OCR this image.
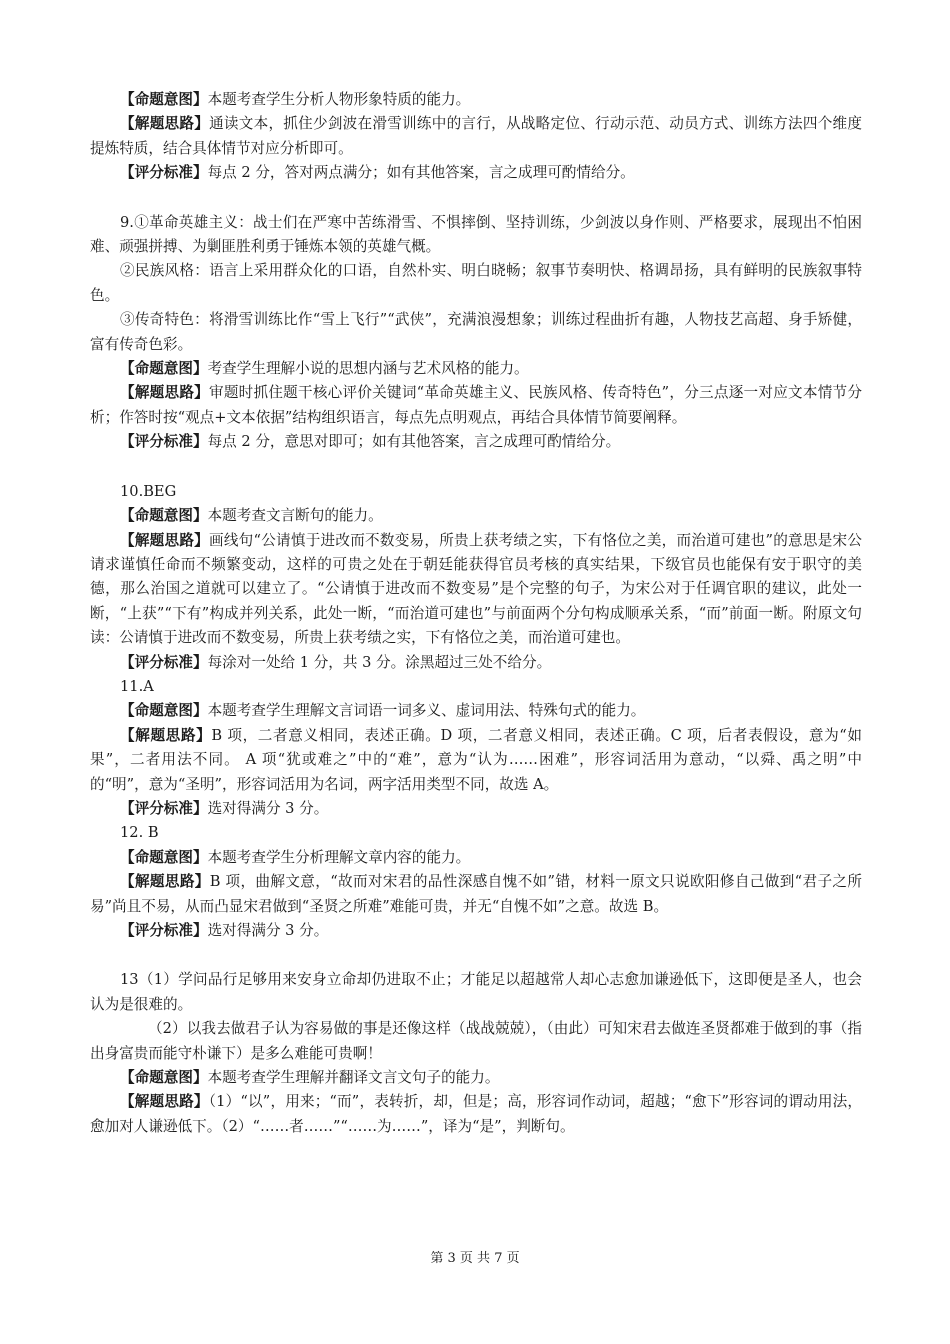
【命题意图】本题考查学生分析人物形象特质的能力。

【解题思路】通读文本，抓住少剑波在滑雪训练中的言行，从战略定位、行动示范、动员方式、训练方法四个维度提炼特质，结合具体情节对应分析即可。

【评分标准】每点 2 分，答对两点满分；如有其他答案，言之成理可酌情给分。

9.①革命英雄主义：战士们在严寒中苦练滑雪、不惧摔倒、坚持训练，少剑波以身作则、严格要求，展现出不怕困难、顽强拼搏、为剿匪胜利勇于锤炼本领的英雄气概。

②民族风格：语言上采用群众化的口语，自然朴实、明白晓畅；叙事节奏明快、格调昂扬，具有鲜明的民族叙事特色。

③传奇特色：将滑雪训练比作“雪上飞行”“武侠”，充满浪漫想象；训练过程曲折有趣，人物技艺高超、身手矫健，富有传奇色彩。

【命题意图】考查学生理解小说的思想内涵与艺术风格的能力。

【解题思路】审题时抓住题干核心评价关键词“革命英雄主义、民族风格、传奇特色”，分三点逐一对应文本情节分析；作答时按“观点+文本依据”结构组织语言，每点先点明观点，再结合具体情节简要阐释。

【评分标准】每点 2 分，意思对即可；如有其他答案，言之成理可酌情给分。

10.BEG

【命题意图】本题考查文言断句的能力。

【解题思路】画线句“公请慎于进改而不数变易，所贵上获考绩之实，下有恪位之美，而治道可建也”的意思是宋公请求谨慎任命而不频繁变动，这样的可贵之处在于朝廷能获得官员考核的真实结果，下级官员也能保有安于职守的美德，那么治国之道就可以建立了。“公请慎于进改而不数变易”是个完整的句子，为宋公对于任调官职的建议，此处一断，“上获”“下有”构成并列关系，此处一断，“而治道可建也”与前面两个分句构成顺承关系，“而”前面一断。附原文句读：公请慎于进改而不数变易，所贵上获考绩之实，下有恪位之美，而治道可建也。

【评分标准】每涂对一处给 1 分，共 3 分。涂黑超过三处不给分。

11.A

【命题意图】本题考查学生理解文言词语一词多义、虚词用法、特殊句式的能力。

【解题思路】B 项，二者意义相同，表述正确。D 项，二者意义相同，表述正确。C 项，后者表假设，意为“如果”，二者用法不同。 A 项“犹或难之”中的“难”，意为“认为……困难”，形容词活用为意动，“以舜、禹之明”中的“明”，意为“圣明”，形容词活用为名词，两字活用类型不同，故选 A。

【评分标准】选对得满分 3 分。

12. B

【命题意图】本题考查学生分析理解文章内容的能力。

【解题思路】B 项，曲解文意，“故而对宋君的品性深感自愧不如”错，材料一原文只说欧阳修自己做到“君子之所易”尚且不易，从而凸显宋君做到“圣贤之所难”难能可贵，并无“自愧不如”之意。故选 B。

【评分标准】选对得满分 3 分。

13（1）学问品行足够用来安身立命却仍进取不止；才能足以超越常人却心志愈加谦逊低下，这即便是圣人，也会认为是很难的。

（2）以我去做君子认为容易做的事是还像这样（战战兢兢），（由此）可知宋君去做连圣贤都难于做到的事（指出身富贵而能守朴谦下）是多么难能可贵啊！

【命题意图】本题考查学生理解并翻译文言文句子的能力。

【解题思路】（1）“以”，用来；“而”，表转折，却，但是；高，形容词作动词，超越；“愈下”形容词的谓动用法，愈加对人谦逊低下。（2）“……者……”“……为……”，译为“是”，判断句。

第 3 页 共 7 页
